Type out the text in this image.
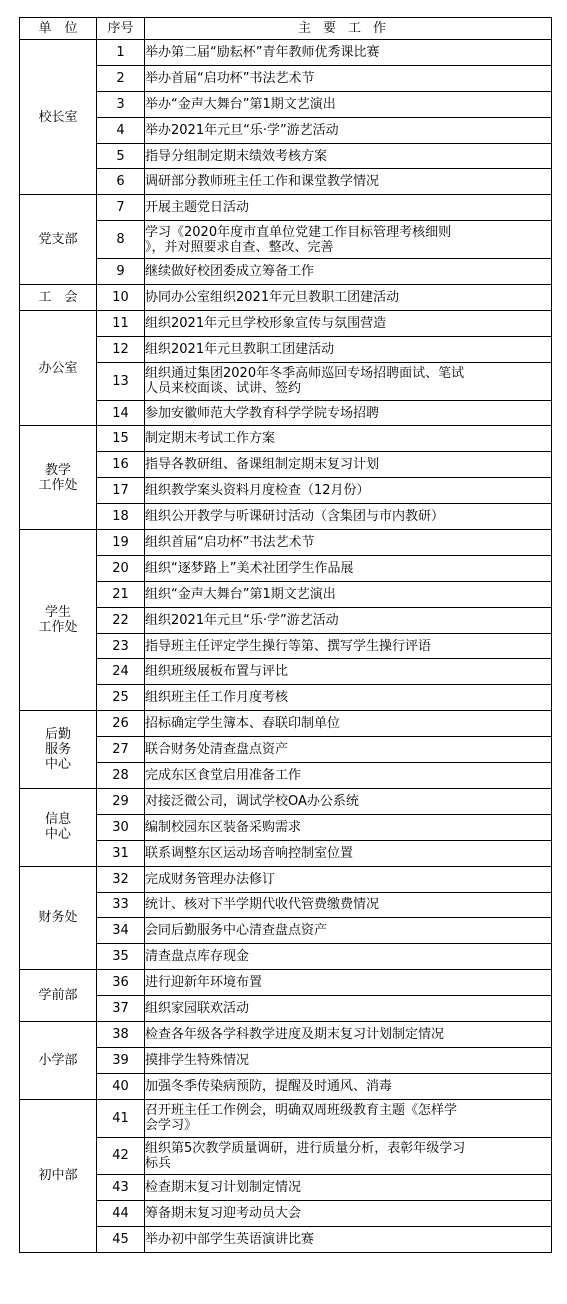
单　位	序号	主要工作
校长室	1	举办第二届“励耘杯”青年教师优秀课比赛
	2	举办首届“启功杯”书法艺术节
	3	举办“金声大舞台”第1期文艺演出
	4	举办2021年元旦“乐·学”游艺活动
	5	指导分组制定期末绩效考核方案
	6	调研部分教师班主任工作和课堂教学情况
党支部	7	开展主题党日活动
	8	学习《2020年度市直单位党建工作目标管理考核细则
》，并对照要求自查、整改、完善
	9	继续做好校团委成立筹备工作
工　会	10	协同办公室组织2021年元旦教职工团建活动
办公室	11	组织2021年元旦学校形象宣传与氛围营造
	12	组织2021年元旦教职工团建活动
	13	组织通过集团2020年冬季高师巡回专场招聘面试、笔试
人员来校面谈、试讲、签约
	14	参加安徽师范大学教育科学学院专场招聘
教学
工作处	15	制定期末考试工作方案
	16	指导各教研组、备课组制定期末复习计划
	17	组织教学案头资料月度检查（12月份）
	18	组织公开教学与听课研讨活动（含集团与市内教研）
学生
工作处	19	组织首届“启功杯”书法艺术节
	20	组织“逐梦路上”美术社团学生作品展
	21	组织“金声大舞台”第1期文艺演出
	22	组织2021年元旦“乐·学”游艺活动
	23	指导班主任评定学生操行等第、撰写学生操行评语
	24	组织班级展板布置与评比
	25	组织班主任工作月度考核
后勤
服务
中心	26	招标确定学生簿本、春联印制单位
	27	联合财务处清查盘点资产
	28	完成东区食堂启用准备工作
信息
中心	29	对接泛微公司，调试学校OA办公系统
	30	编制校园东区装备采购需求
	31	联系调整东区运动场音响控制室位置
财务处	32	完成财务管理办法修订
	33	统计、核对下半学期代收代管费缴费情况
	34	会同后勤服务中心清查盘点资产
	35	清查盘点库存现金
学前部	36	进行迎新年环境布置
	37	组织家园联欢活动
小学部	38	检查各年级各学科教学进度及期末复习计划制定情况
	39	摸排学生特殊情况
	40	加强冬季传染病预防，提醒及时通风、消毒
初中部	41	召开班主任工作例会，明确双周班级教育主题《怎样学
会学习》
	42	组织第5次教学质量调研，进行质量分析，表彰年级学习
标兵
	43	检查期末复习计划制定情况
	44	筹备期末复习迎考动员大会
	45	举办初中部学生英语演讲比赛
